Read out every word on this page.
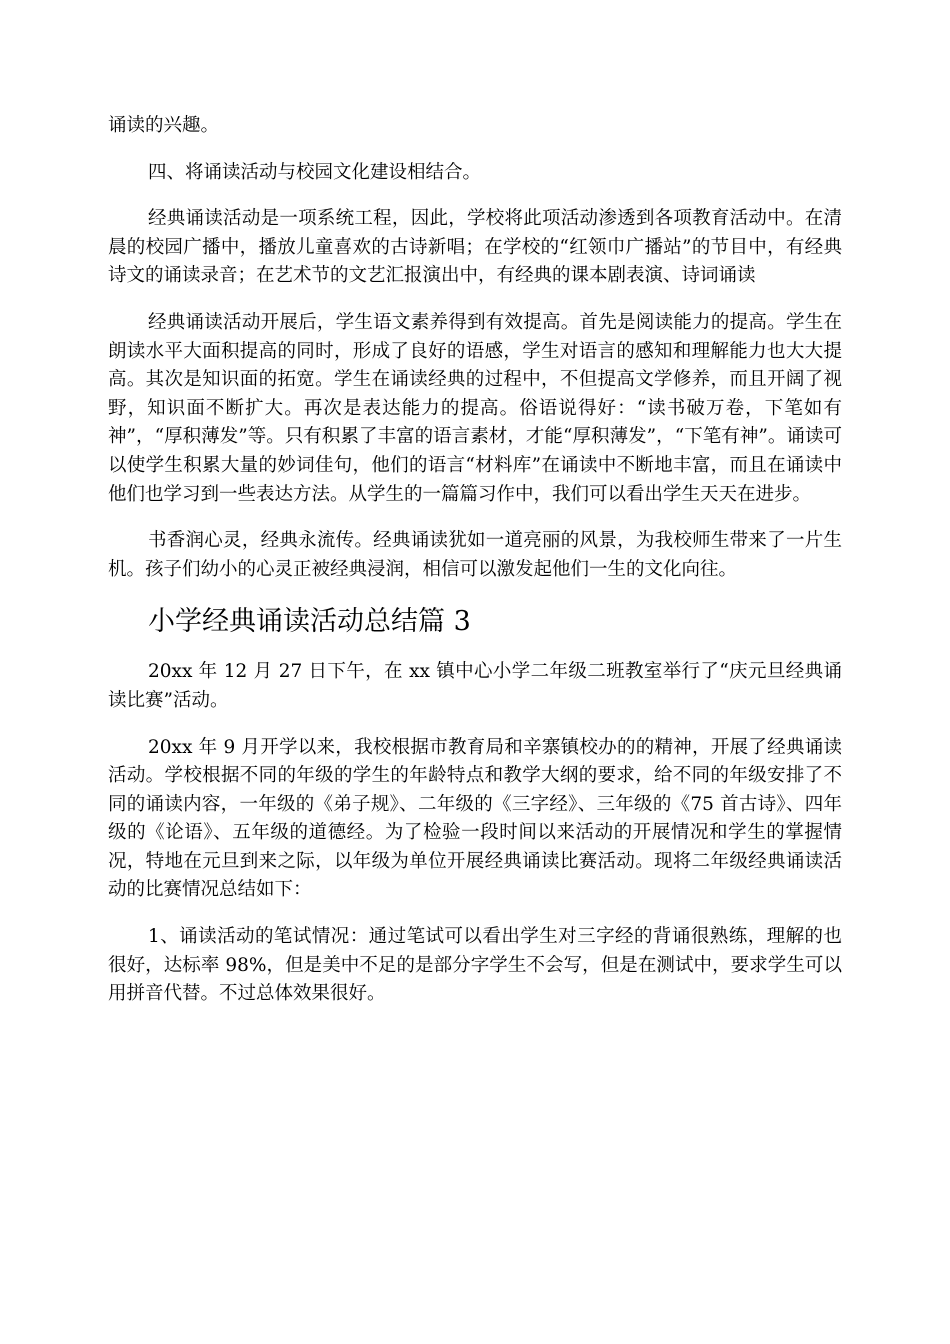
诵读的兴趣。

四、将诵读活动与校园文化建设相结合。

经典诵读活动是一项系统工程，因此，学校将此项活动渗透到各项教育活动中。在清晨的校园广播中，播放儿童喜欢的古诗新唱；在学校的“红领巾广播站”的节目中，有经典诗文的诵读录音；在艺术节的文艺汇报演出中，有经典的课本剧表演、诗词诵读

经典诵读活动开展后，学生语文素养得到有效提高。首先是阅读能力的提高。学生在朗读水平大面积提高的同时，形成了良好的语感，学生对语言的感知和理解能力也大大提高。其次是知识面的拓宽。学生在诵读经典的过程中，不但提高文学修养，而且开阔了视野，知识面不断扩大。再次是表达能力的提高。俗语说得好：“读书破万卷，下笔如有神”，“厚积薄发”等。只有积累了丰富的语言素材，才能“厚积薄发”，“下笔有神”。诵读可以使学生积累大量的妙词佳句，他们的语言“材料库”在诵读中不断地丰富，而且在诵读中他们也学习到一些表达方法。从学生的一篇篇习作中，我们可以看出学生天天在进步。

书香润心灵，经典永流传。经典诵读犹如一道亮丽的风景，为我校师生带来了一片生机。孩子们幼小的心灵正被经典浸润，相信可以激发起他们一生的文化向往。

小学经典诵读活动总结篇 3

20xx 年 12 月 27 日下午，在 xx 镇中心小学二年级二班教室举行了“庆元旦经典诵读比赛”活动。

20xx 年 9 月开学以来，我校根据市教育局和辛寨镇校办的的精神，开展了经典诵读活动。学校根据不同的年级的学生的年龄特点和教学大纲的要求，给不同的年级安排了不同的诵读内容，一年级的《弟子规》、二年级的《三字经》、三年级的《75 首古诗》、四年级的《论语》、五年级的道德经。为了检验一段时间以来活动的开展情况和学生的掌握情况，特地在元旦到来之际，以年级为单位开展经典诵读比赛活动。现将二年级经典诵读活动的比赛情况总结如下：

1、诵读活动的笔试情况：通过笔试可以看出学生对三字经的背诵很熟练，理解的也很好，达标率 98%，但是美中不足的是部分字学生不会写，但是在测试中，要求学生可以用拼音代替。不过总体效果很好。
